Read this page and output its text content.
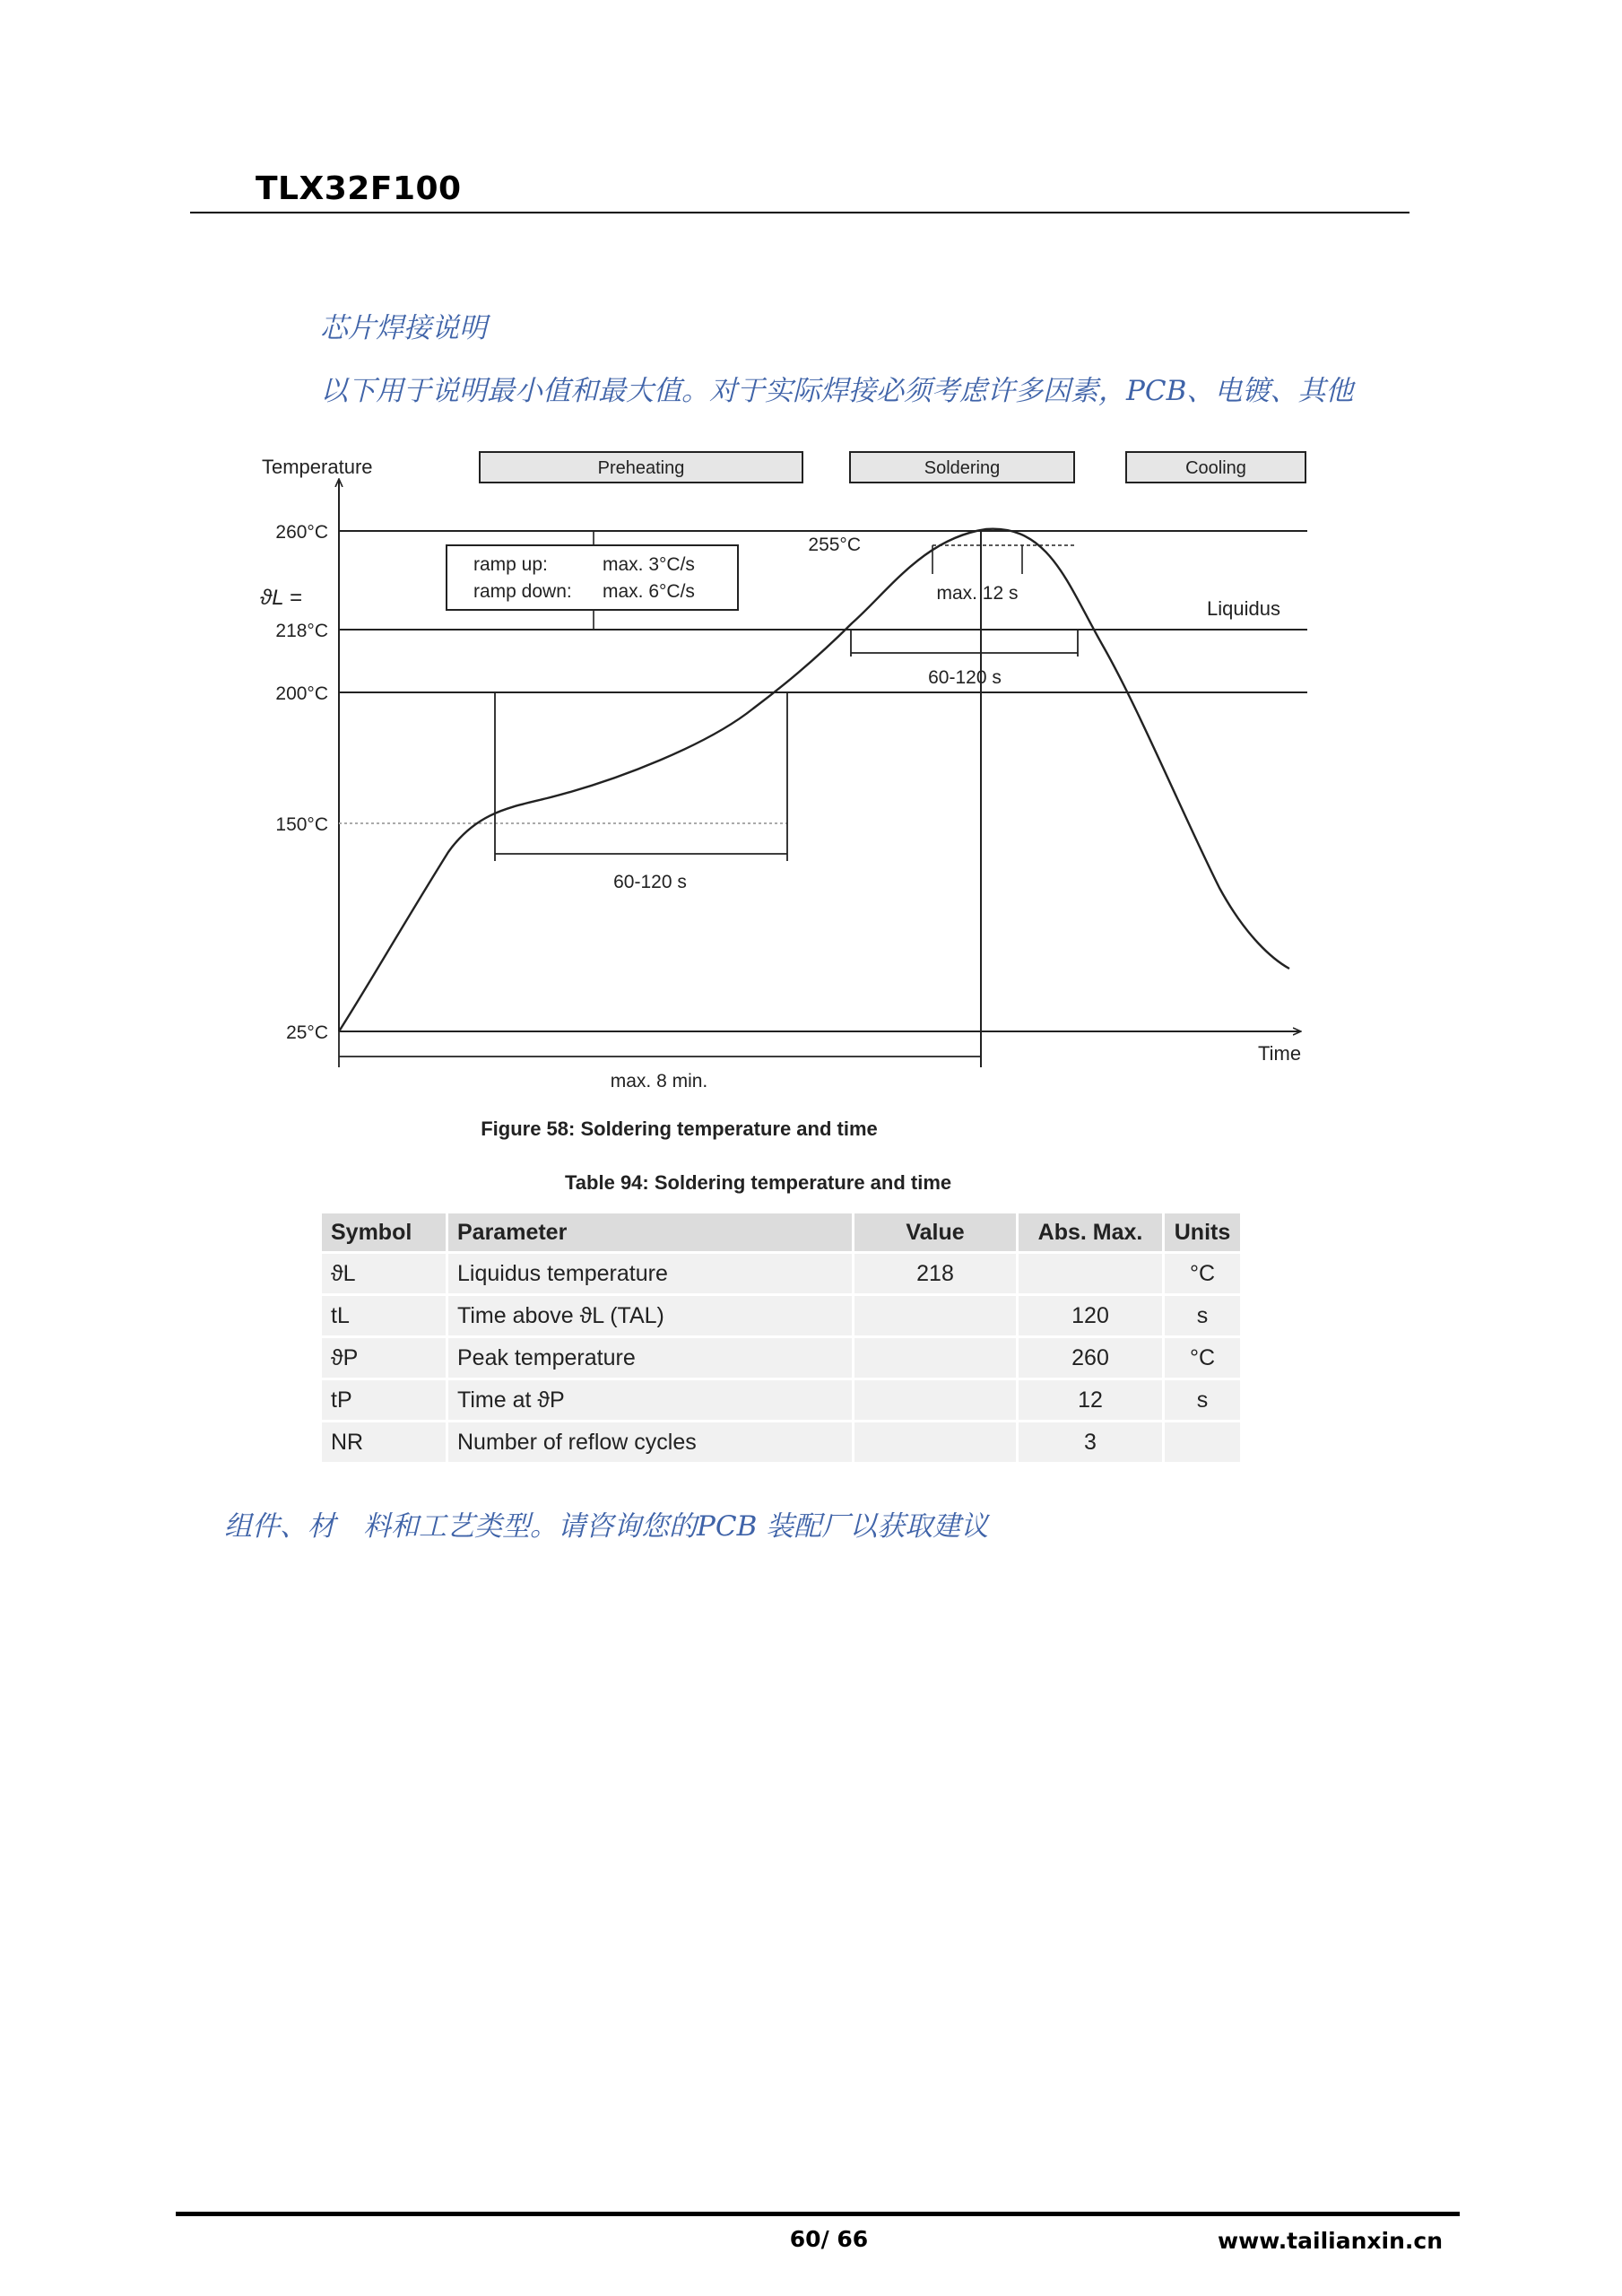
TLX32F100
芯片焊接说明
以下用于说明最小值和最大值。对于实际焊接必须考虑许多因素，PCB、电镀、其他
Preheating	Soldering	Cooling
Temperature
Time
Liquidus
260°C
ϑL =
218°C
200°C
150°C
25°C
ramp up:	max. 3°C/s
ramp down: max. 6°C/s
60-120 s
60-120 s
max. 12 s
255°C
max. 8 min.
Figure 58: Soldering temperature and time
Table 94: Soldering temperature and time
Symbol	Parameter	Value	Abs. Max.	Units
ϑL	Liquidus temperature	218		°C
tL	Time above ϑL (TAL)		120	s
ϑP	Peak temperature		260	°C
tP	Time at ϑP		12	s
NR	Number of reflow cycles		3	
组件、材　料和工艺类型。请咨询您的PCB 装配厂以获取建议
60/ 66	www.tailianxin.cn
